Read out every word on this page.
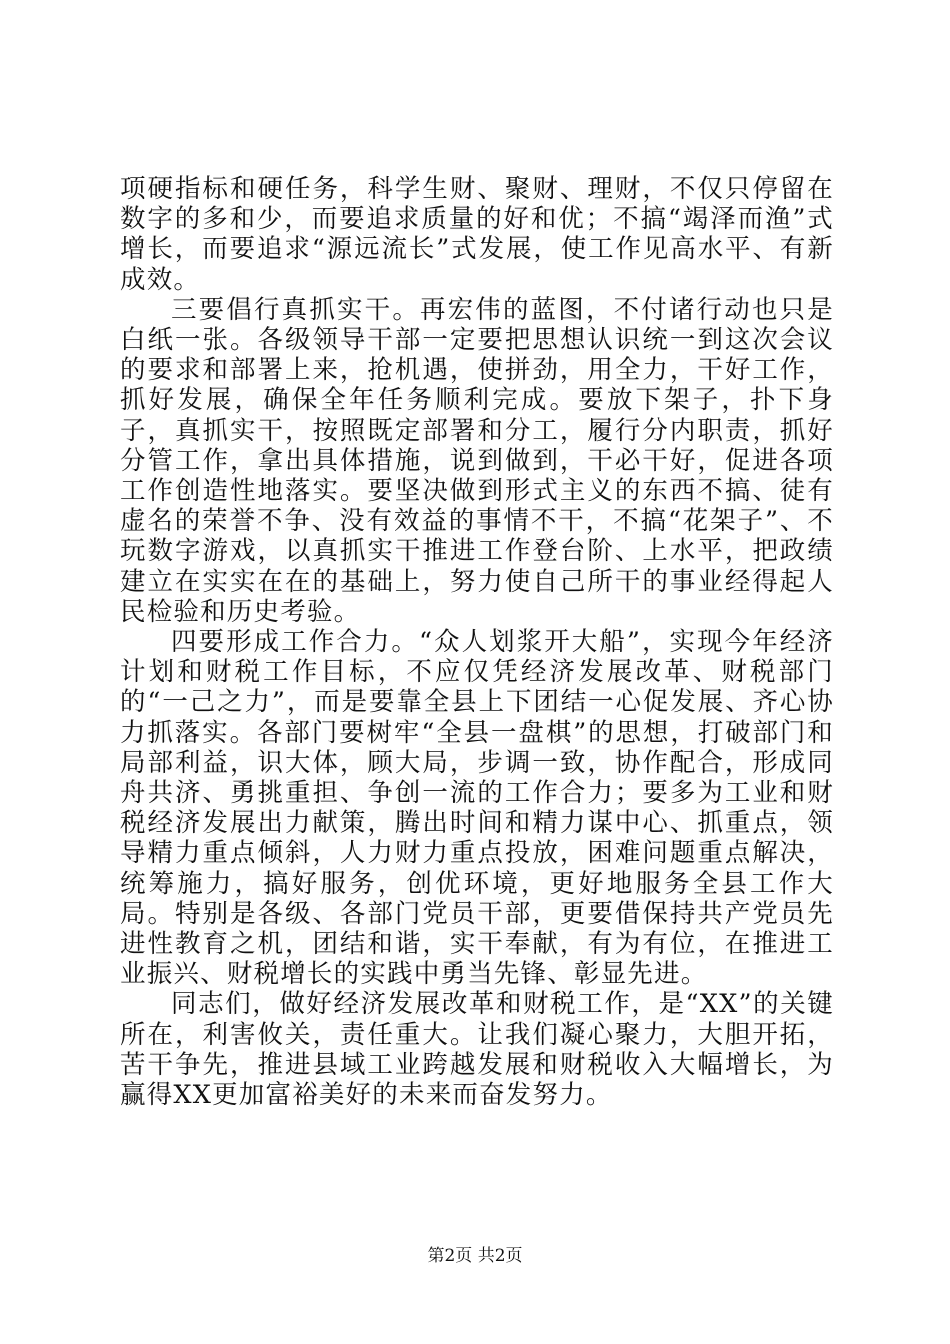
项硬指标和硬任务，科学生财、聚财、理财，不仅只停留在数字的多和少，而要追求质量的好和优；不搞“竭泽而渔”式增长，而要追求“源远流长”式发展，使工作见高水平、有新成效。

三要倡行真抓实干。再宏伟的蓝图，不付诸行动也只是白纸一张。各级领导干部一定要把思想认识统一到这次会议的要求和部署上来，抢机遇，使拼劲，用全力，干好工作，抓好发展，确保全年任务顺利完成。要放下架子，扑下身子，真抓实干，按照既定部署和分工，履行分内职责，抓好分管工作，拿出具体措施，说到做到，干必干好，促进各项工作创造性地落实。要坚决做到形式主义的东西不搞、徒有虚名的荣誉不争、没有效益的事情不干，不搞“花架子”、不玩数字游戏，以真抓实干推进工作登台阶、上水平，把政绩建立在实实在在的基础上，努力使自己所干的事业经得起人民检验和历史考验。

四要形成工作合力。“众人划浆开大船”，实现今年经济计划和财税工作目标，不应仅凭经济发展改革、财税部门的“一己之力”，而是要靠全县上下团结一心促发展、齐心协力抓落实。各部门要树牢“全县一盘棋”的思想，打破部门和局部利益，识大体，顾大局，步调一致，协作配合，形成同舟共济、勇挑重担、争创一流的工作合力；要多为工业和财税经济发展出力献策，腾出时间和精力谋中心、抓重点，领导精力重点倾斜，人力财力重点投放，困难问题重点解决，统筹施力，搞好服务，创优环境，更好地服务全县工作大局。特别是各级、各部门党员干部，更要借保持共产党员先进性教育之机，团结和谐，实干奉献，有为有位，在推进工业振兴、财税增长的实践中勇当先锋、彰显先进。

同志们，做好经济发展改革和财税工作，是“XX”的关键所在，利害攸关，责任重大。让我们凝心聚力，大胆开拓，苦干争先，推进县域工业跨越发展和财税收入大幅增长，为赢得XX更加富裕美好的未来而奋发努力。

第2页 共2页
